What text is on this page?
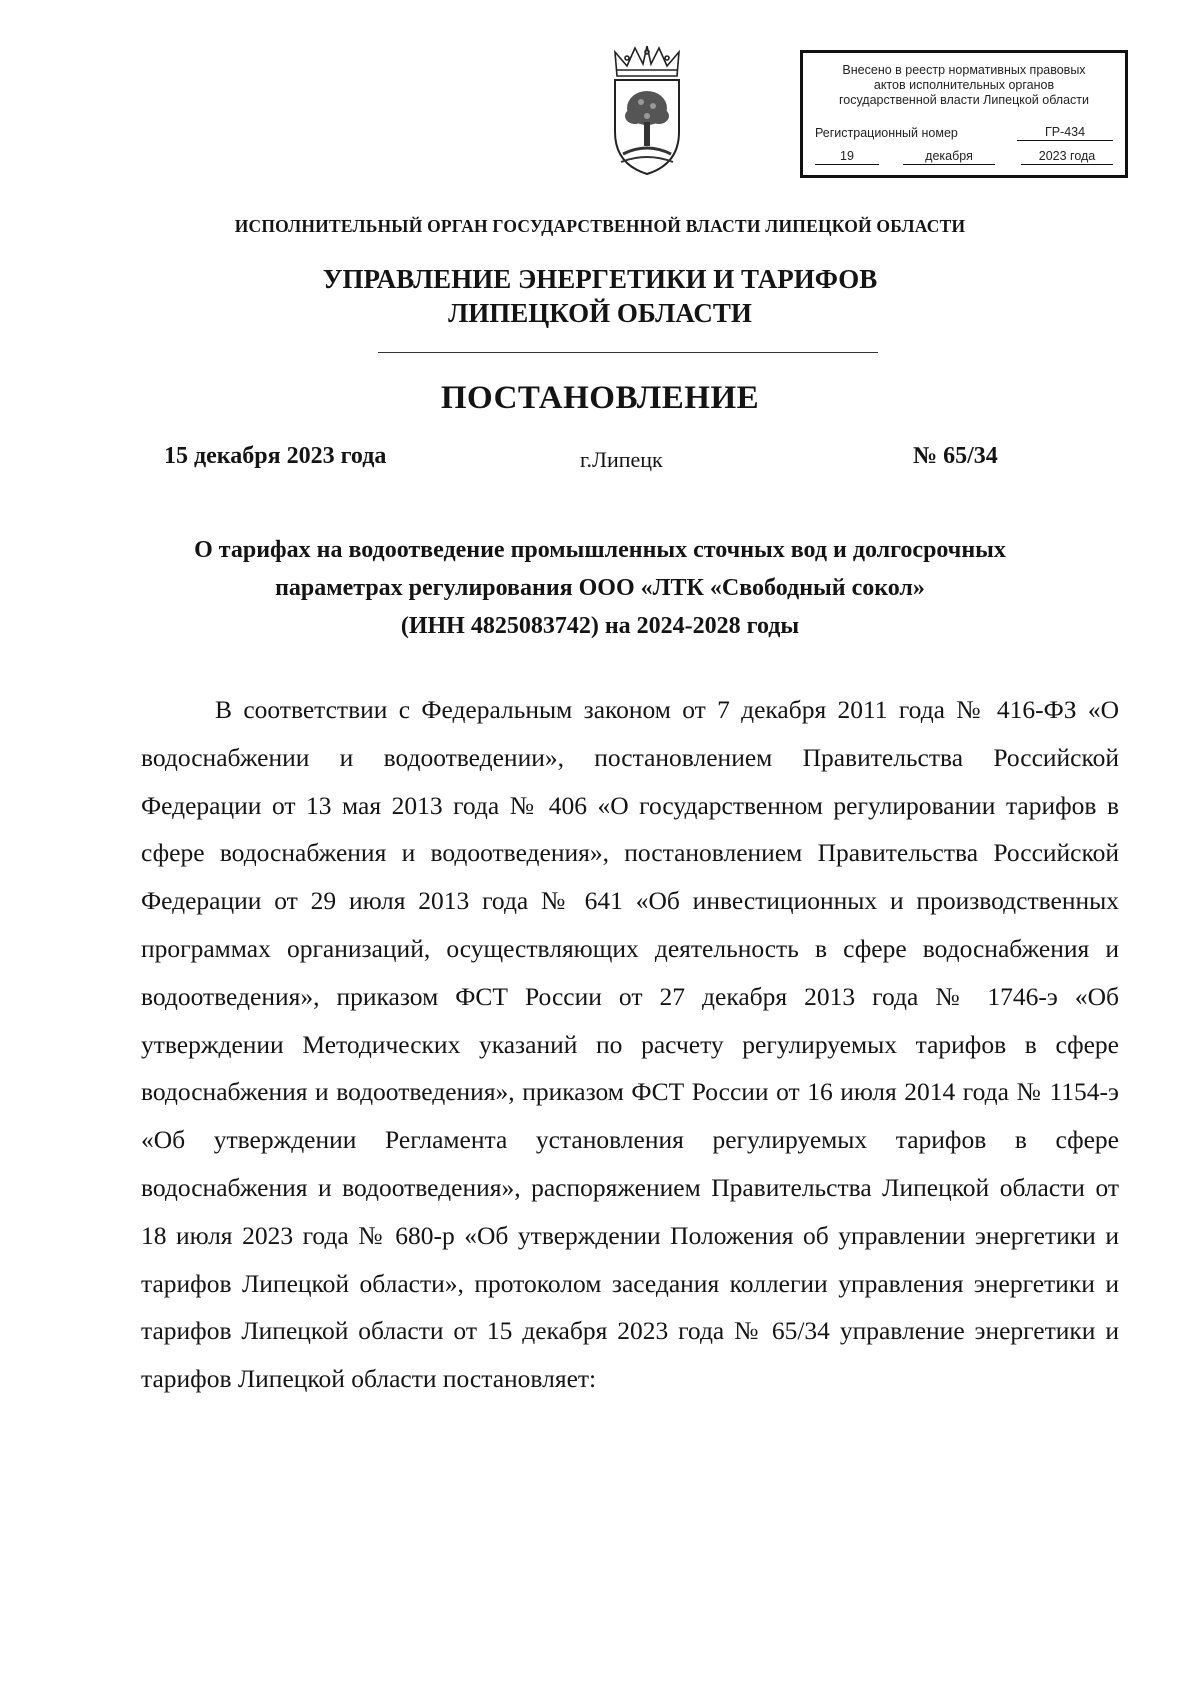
Внесено в реестр нормативных правовых
актов исполнительных органов
государственной власти Липецкой области
Регистрационный номер	ГР-434
19	декабря	2023 года
ИСПОЛНИТЕЛЬНЫЙ ОРГАН ГОСУДАРСТВЕННОЙ ВЛАСТИ ЛИПЕЦКОЙ ОБЛАСТИ
УПРАВЛЕНИЕ ЭНЕРГЕТИКИ И ТАРИФОВ
ЛИПЕЦКОЙ ОБЛАСТИ
ПОСТАНОВЛЕНИЕ
15 декабря 2023 года	г.Липецк	№ 65/34
О тарифах на водоотведение промышленных сточных вод и долгосрочных
параметрах регулирования ООО «ЛТК «Свободный сокол»
(ИНН 4825083742) на 2024-2028 годы

В соответствии с Федеральным законом от 7 декабря 2011 года № 416-ФЗ «О водоснабжении и водоотведении», постановлением Правительства Российской Федерации от 13 мая 2013 года № 406 «О государственном регулировании тарифов в сфере водоснабжения и водоотведения», постановлением Правительства Российской Федерации от 29 июля 2013 года № 641 «Об инвестиционных и производственных программах организаций, осуществляющих деятельность в сфере водоснабжения и водоотведения», приказом ФСТ России от 27 декабря 2013 года № 1746-э «Об утверждении Методических указаний по расчету регулируемых тарифов в сфере водоснабжения и водоотведения», приказом ФСТ России от 16 июля 2014 года № 1154-э «Об утверждении Регламента установления регулируемых тарифов в сфере водоснабжения и водоотведения», распоряжением Правительства Липецкой области от 18 июля 2023 года № 680-р «Об утверждении Положения об управлении энергетики и тарифов Липецкой области», протоколом заседания коллегии управления энергетики и тарифов Липецкой области от 15 декабря 2023 года № 65/34 управление энергетики и тарифов Липецкой области постановляет:
